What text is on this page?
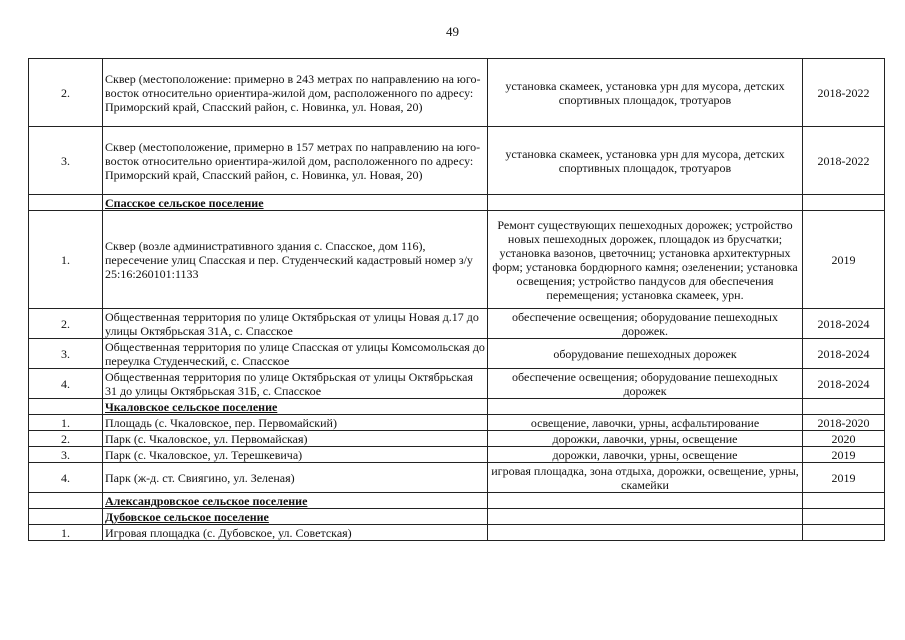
49
2.	Сквер (местоположение: примерно в 243 метрах по направлению на юго-восток относительно ориентира-жилой дом, расположенного по адресу: Приморский край, Спасский район, с. Новинка, ул. Новая, 20)	установка скамеек, установка урн для мусора, детских спортивных площадок, тротуаров	2018-2022
3.	Сквер (местоположение, примерно в 157 метрах по направлению на юго-восток относительно ориентира-жилой дом, расположенного по адресу: Приморский край, Спасский район, с. Новинка, ул. Новая, 20)	установка скамеек, установка урн для мусора, детских спортивных площадок, тротуаров	2018-2022
	Спасское сельское поселение		
1.	Сквер (возле административного здания с. Спасское, дом 116), пересечение улиц Спасская и пер. Студенческий кадастровый номер з/у 25:16:260101:1133	Ремонт существующих пешеходных дорожек; устройство новых пешеходных дорожек, площадок из брусчатки; установка вазонов, цветочниц; установка архитектурных форм; установка бордюрного камня; озеленении; установка освещения; устройство пандусов для обеспечения перемещения; установка скамеек, урн.	2019
2.	Общественная территория по улице Октябрьская от улицы Новая д.17 до улицы Октябрьская 31А, с. Спасское	обеспечение освещения; оборудование пешеходных дорожек.	2018-2024
3.	Общественная территория по улице Спасская от улицы Комсомольская до переулка Студенческий, с. Спасское	оборудование пешеходных дорожек	2018-2024
4.	Общественная территория по улице Октябрьская от улицы Октябрьская 31 до улицы Октябрьская 31Б, с. Спасское	обеспечение освещения; оборудование пешеходных дорожек	2018-2024
	Чкаловское сельское поселение		
1.	Площадь (с. Чкаловское, пер. Первомайский)	освещение, лавочки, урны, асфальтирование	2018-2020
2.	Парк (с. Чкаловское, ул. Первомайская)	дорожки, лавочки, урны, освещение	2020
3.	Парк (с. Чкаловское, ул. Терешкевича)	дорожки, лавочки, урны, освещение	2019
4.	Парк (ж-д. ст. Свиягино, ул. Зеленая)	игровая площадка, зона отдыха, дорожки, освещение, урны, скамейки	2019
	Александровское сельское поселение		
	Дубовское сельское поселение		
1.	Игровая площадка (с. Дубовское, ул. Советская)		
